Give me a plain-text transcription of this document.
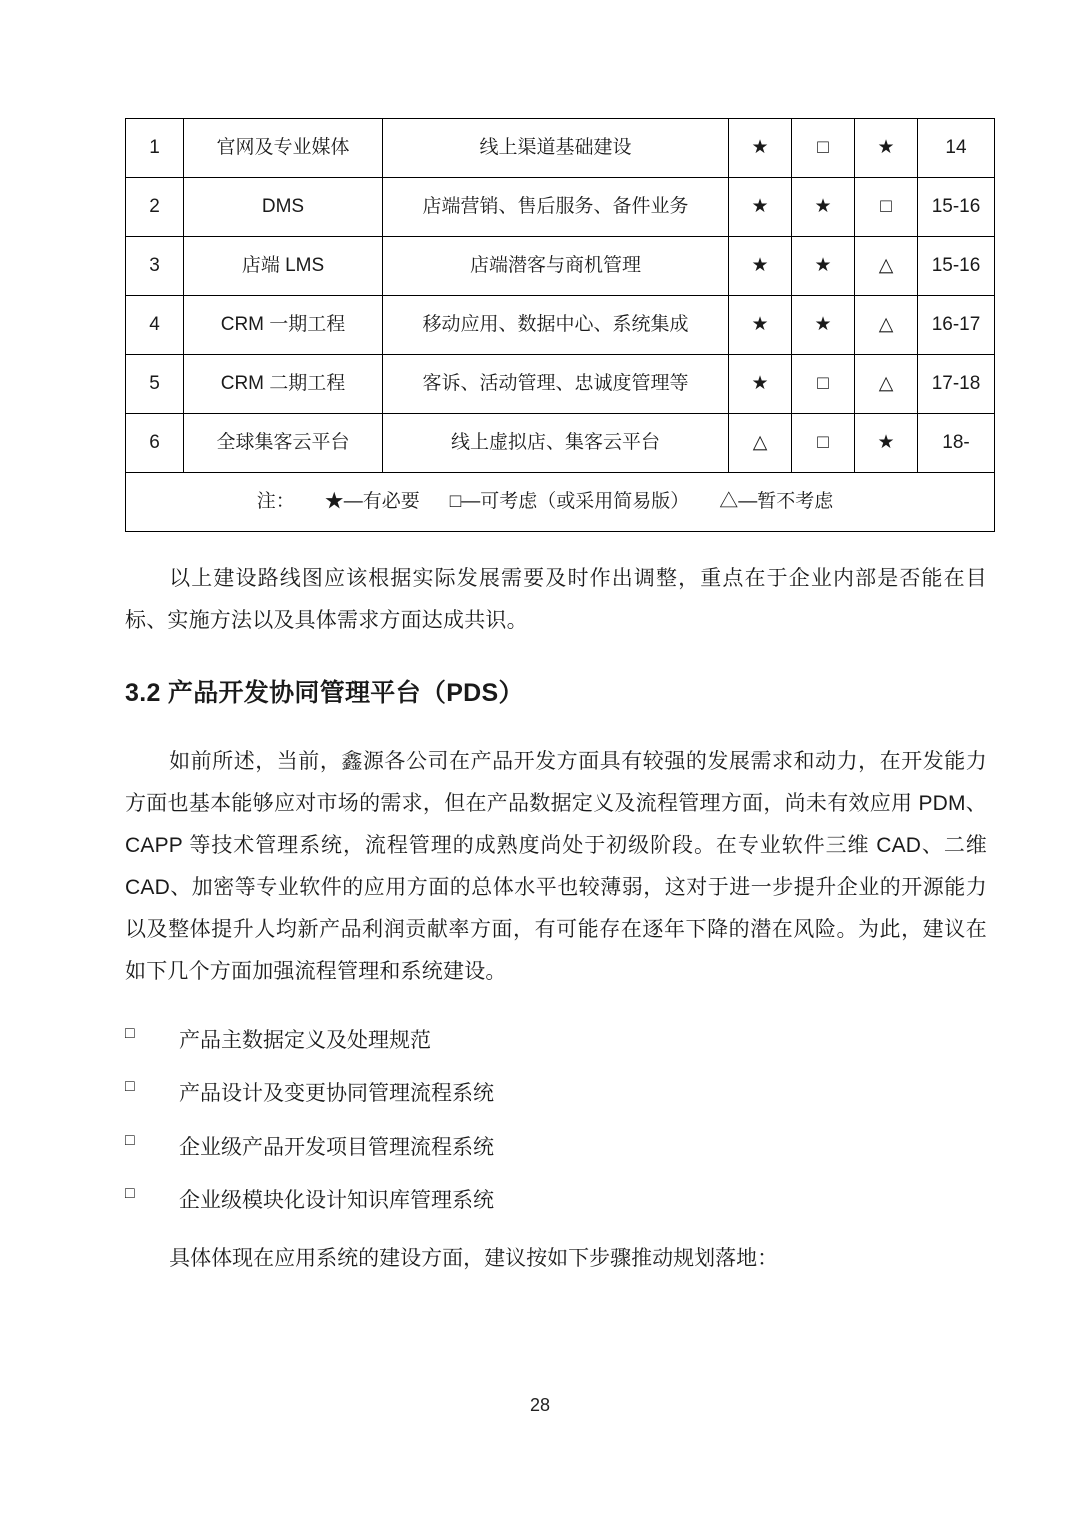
1	官网及专业媒体	线上渠道基础建设	★	□	★	14
2	DMS	店端营销、售后服务、备件业务	★	★	□	15-16
3	店端 LMS	店端潜客与商机管理	★	★	△	15-16
4	CRM 一期工程	移动应用、数据中心、系统集成	★	★	△	16-17
5	CRM 二期工程	客诉、活动管理、忠诚度管理等	★	□	△	17-18
6	全球集客云平台	线上虚拟店、集客云平台	△	□	★	18-
注： ★—有必要 □—可考虑（或采用简易版） △—暂不考虑						

以上建设路线图应该根据实际发展需要及时作出调整，重点在于企业内部是否能在目标、实施方法以及具体需求方面达成共识。

3.2 产品开发协同管理平台（PDS）

如前所述，当前，鑫源各公司在产品开发方面具有较强的发展需求和动力，在开发能力方面也基本能够应对市场的需求，但在产品数据定义及流程管理方面，尚未有效应用 PDM、CAPP 等技术管理系统，流程管理的成熟度尚处于初级阶段。在专业软件三维 CAD、二维 CAD、加密等专业软件的应用方面的总体水平也较薄弱，这对于进一步提升企业的开源能力以及整体提升人均新产品利润贡献率方面，有可能存在逐年下降的潜在风险。为此，建议在如下几个方面加强流程管理和系统建设。

□ 产品主数据定义及处理规范
□ 产品设计及变更协同管理流程系统
□ 企业级产品开发项目管理流程系统
□ 企业级模块化设计知识库管理系统

具体体现在应用系统的建设方面，建议按如下步骤推动规划落地：

28
